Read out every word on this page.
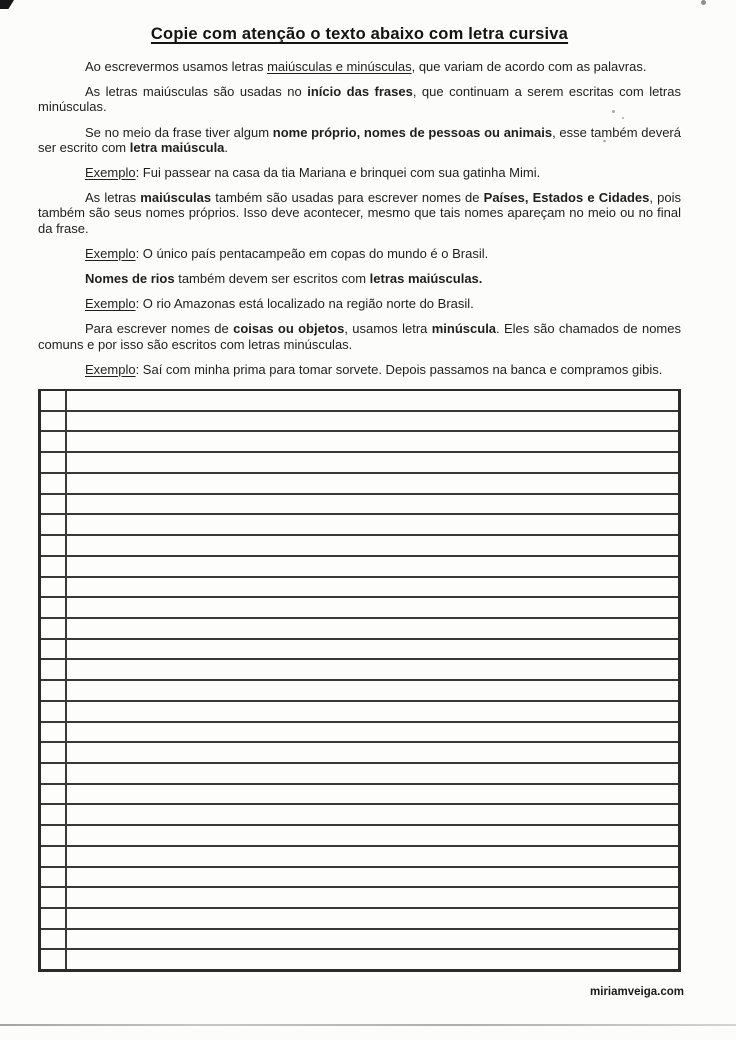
Copie com atenção o texto abaixo com letra cursiva

Ao escrevermos usamos letras maiúsculas e minúsculas, que variam de acordo com as palavras.

As letras maiúsculas são usadas no início das frases, que continuam a serem escritas com letras minúsculas.

Se no meio da frase tiver algum nome próprio, nomes de pessoas ou animais, esse também deverá ser escrito com letra maiúscula.

Exemplo: Fui passear na casa da tia Mariana e brinquei com sua gatinha Mimi.

As letras maiúsculas também são usadas para escrever nomes de Países, Estados e Cidades, pois também são seus nomes próprios. Isso deve acontecer, mesmo que tais nomes apareçam no meio ou no final da frase.

Exemplo: O único país pentacampeão em copas do mundo é o Brasil.

Nomes de rios também devem ser escritos com letras maiúsculas.

Exemplo: O rio Amazonas está localizado na região norte do Brasil.

Para escrever nomes de coisas ou objetos, usamos letra minúscula. Eles são chamados de nomes comuns e por isso são escritos com letras minúsculas.

Exemplo: Saí com minha prima para tomar sorvete. Depois passamos na banca e compramos gibis.

miriamveiga.com
